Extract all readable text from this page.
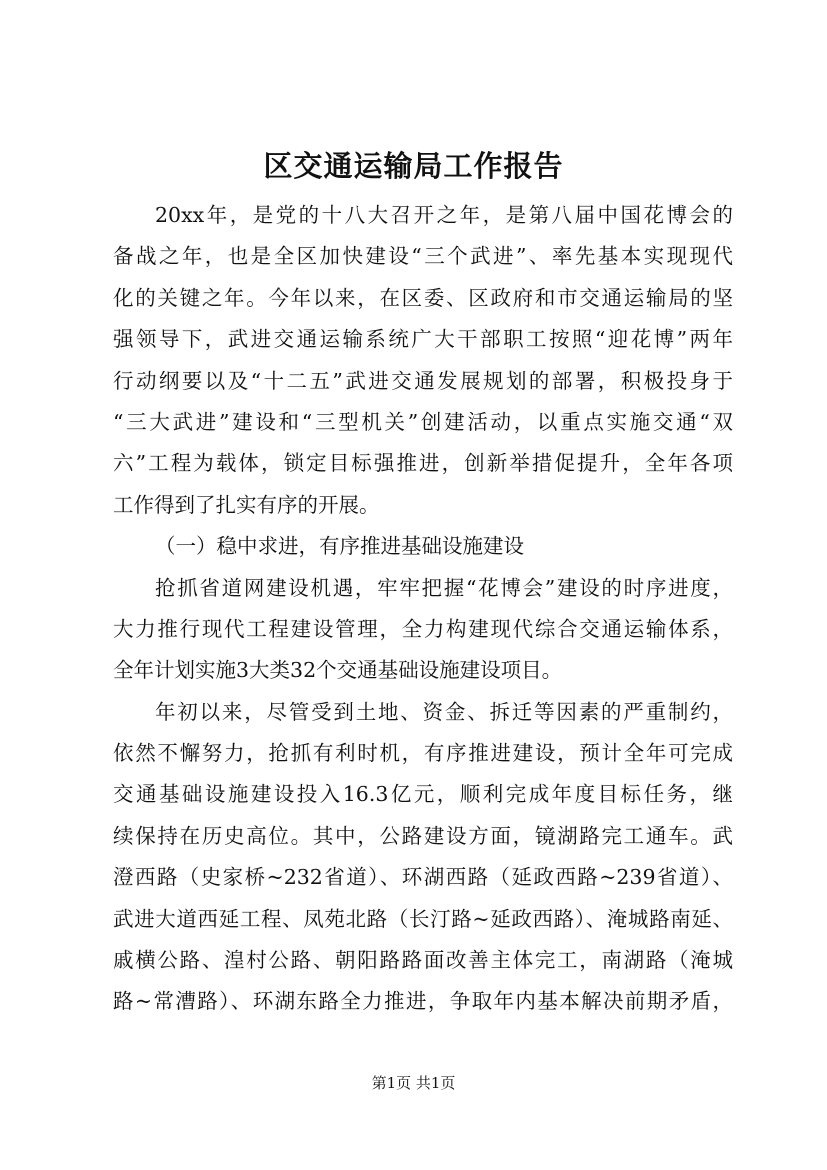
区交通运输局工作报告
20xx年，是党的十八大召开之年，是第八届中国花博会的
备战之年，也是全区加快建设“三个武进”、率先基本实现现代
化的关键之年。今年以来，在区委、区政府和市交通运输局的坚
强领导下，武进交通运输系统广大干部职工按照“迎花博”两年
行动纲要以及“十二五”武进交通发展规划的部署，积极投身于
“三大武进”建设和“三型机关”创建活动，以重点实施交通“双
六”工程为载体，锁定目标强推进，创新举措促提升，全年各项
工作得到了扎实有序的开展。
（一）稳中求进，有序推进基础设施建设
抢抓省道网建设机遇，牢牢把握“花博会”建设的时序进度，
大力推行现代工程建设管理，全力构建现代综合交通运输体系，
全年计划实施3大类32个交通基础设施建设项目。
年初以来，尽管受到土地、资金、拆迁等因素的严重制约，
依然不懈努力，抢抓有利时机，有序推进建设，预计全年可完成
交通基础设施建设投入16.3亿元，顺利完成年度目标任务，继
续保持在历史高位。其中，公路建设方面，镜湖路完工通车。武
澄西路（史家桥~232省道）、环湖西路（延政西路~239省道）、
武进大道西延工程、凤苑北路（长汀路~延政西路）、淹城路南延、
戚横公路、湟村公路、朝阳路路面改善主体完工，南湖路（淹城
路~常漕路）、环湖东路全力推进，争取年内基本解决前期矛盾，
第1页 共1页
